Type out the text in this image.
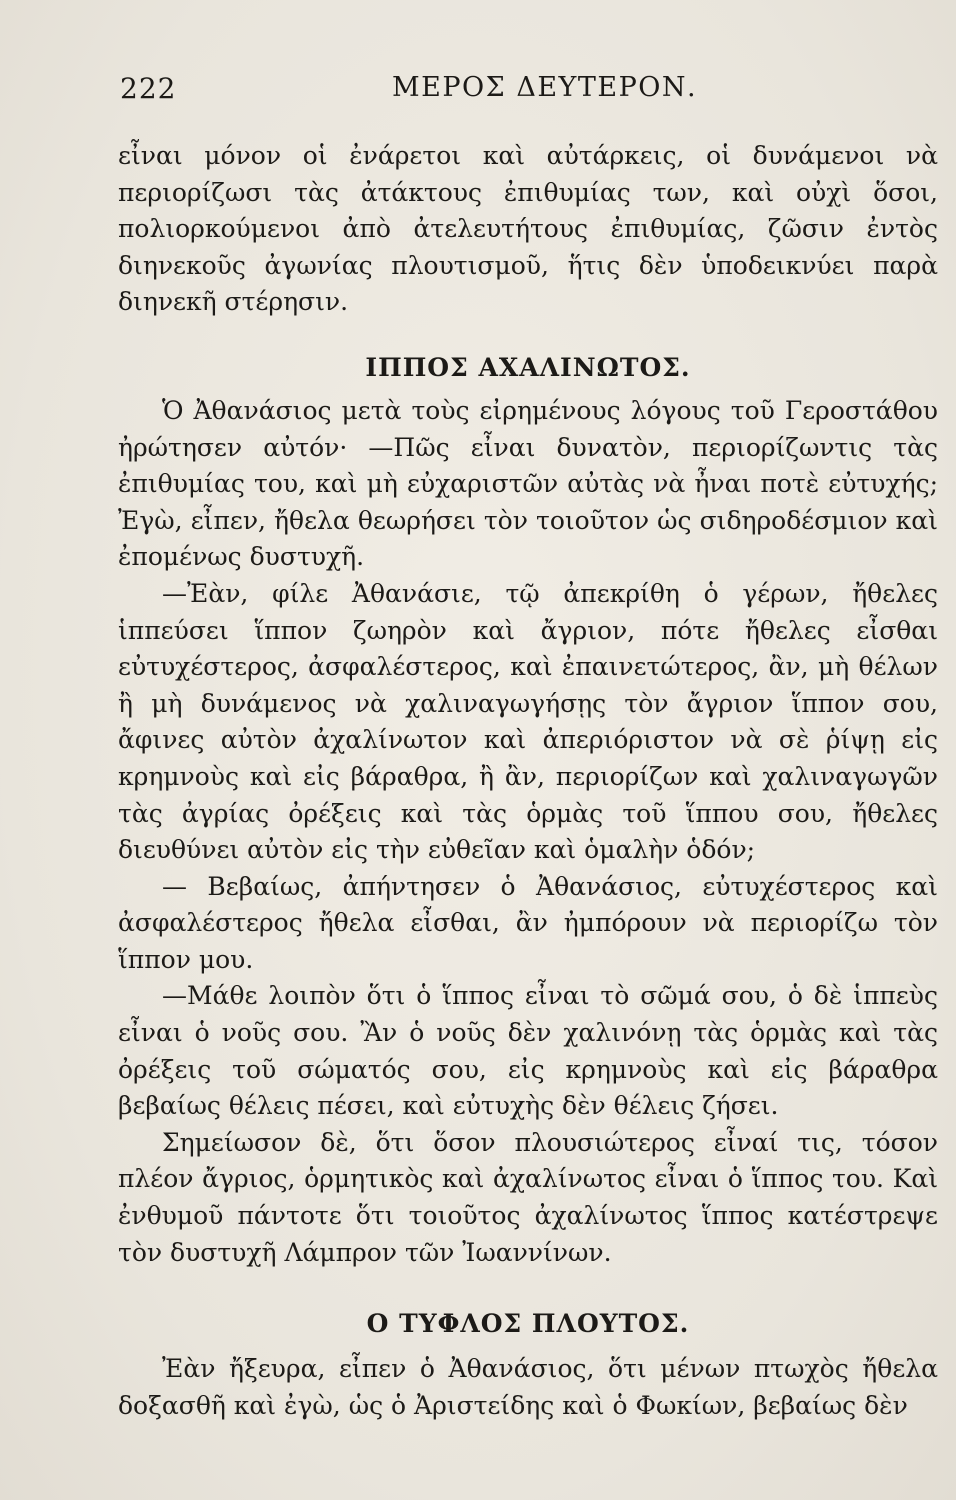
222	ΜΕΡΟΣ ΔΕΥΤΕΡΟΝ.

εἶναι μόνον οἱ ἐνάρετοι καὶ αὐτάρκεις, οἱ δυνάμενοι νὰ περιορίζωσι τὰς ἀτάκτους ἐπιθυμίας των, καὶ οὐχὶ ὅσοι, πολιορκούμενοι ἀπὸ ἀτελευτήτους ἐπιθυμίας, ζῶσιν ἐντὸς διηνεκοῦς ἀγωνίας πλουτισμοῦ, ἥτις δὲν ὑποδεικνύει παρὰ διηνεκῆ στέρησιν.

ΙΠΠΟΣ ΑΧΑΛΙΝΩΤΟΣ.

Ὁ Ἀθανάσιος μετὰ τοὺς εἰρημένους λόγους τοῦ Γεροστάθου ἠρώτησεν αὐτόν· —Πῶς εἶναι δυνατὸν, περιορίζωντις τὰς ἐπιθυμίας του, καὶ μὴ εὐχαριστῶν αὐτὰς νὰ ἦναι ποτὲ εὐτυχής; Ἐγὼ, εἶπεν, ἤθελα θεωρήσει τὸν τοιοῦτον ὡς σιδηροδέσμιον καὶ ἐπομένως δυστυχῆ.

—Ἐὰν, φίλε Ἀθανάσιε, τῷ ἀπεκρίθη ὁ γέρων, ἤθελες ἱππεύσει ἵππον ζωηρὸν καὶ ἄγριον, πότε ἤθελες εἶσθαι εὐτυχέστερος, ἀσφαλέστερος, καὶ ἐπαινετώτερος, ἂν, μὴ θέλων ἢ μὴ δυνάμενος νὰ χαλιναγωγήσῃς τὸν ἄγριον ἵππον σου, ἄφινες αὐτὸν ἀχαλίνωτον καὶ ἀπεριόριστον νὰ σὲ ῥίψῃ εἰς κρημνοὺς καὶ εἰς βάραθρα, ἢ ἂν, περιορίζων καὶ χαλιναγωγῶν τὰς ἀγρίας ὀρέξεις καὶ τὰς ὁρμὰς τοῦ ἵππου σου, ἤθελες διευθύνει αὐτὸν εἰς τὴν εὐθεῖαν καὶ ὁμαλὴν ὁδόν;

— Βεβαίως, ἀπήντησεν ὁ Ἀθανάσιος, εὐτυχέστερος καὶ ἀσφαλέστερος ἤθελα εἶσθαι, ἂν ἠμπόρουν νὰ περιορίζω τὸν ἵππον μου.

—Μάθε λοιπὸν ὅτι ὁ ἵππος εἶναι τὸ σῶμά σου, ὁ δὲ ἱππεὺς εἶναι ὁ νοῦς σου. Ἂν ὁ νοῦς δὲν χαλινόνῃ τὰς ὁρμὰς καὶ τὰς ὀρέξεις τοῦ σώματός σου, εἰς κρημνοὺς καὶ εἰς βάραθρα βεβαίως θέλεις πέσει, καὶ εὐτυχὴς δὲν θέλεις ζήσει.

Σημείωσον δὲ, ὅτι ὅσον πλουσιώτερος εἶναί τις, τόσον πλέον ἄγριος, ὁρμητικὸς καὶ ἀχαλίνωτος εἶναι ὁ ἵππος του. Καὶ ἐνθυμοῦ πάντοτε ὅτι τοιοῦτος ἀχαλίνωτος ἵππος κατέστρεψε τὸν δυστυχῆ Λάμπρον τῶν Ἰωαννίνων.

Ο ΤΥΦΛΟΣ ΠΛΟΥΤΟΣ.

Ἐὰν ἤξευρα, εἶπεν ὁ Ἀθανάσιος, ὅτι μένων πτωχὸς ἤθελα δοξασθῆ καὶ ἐγὼ, ὡς ὁ Ἀριστείδης καὶ ὁ Φωκίων, βεβαίως δὲν
